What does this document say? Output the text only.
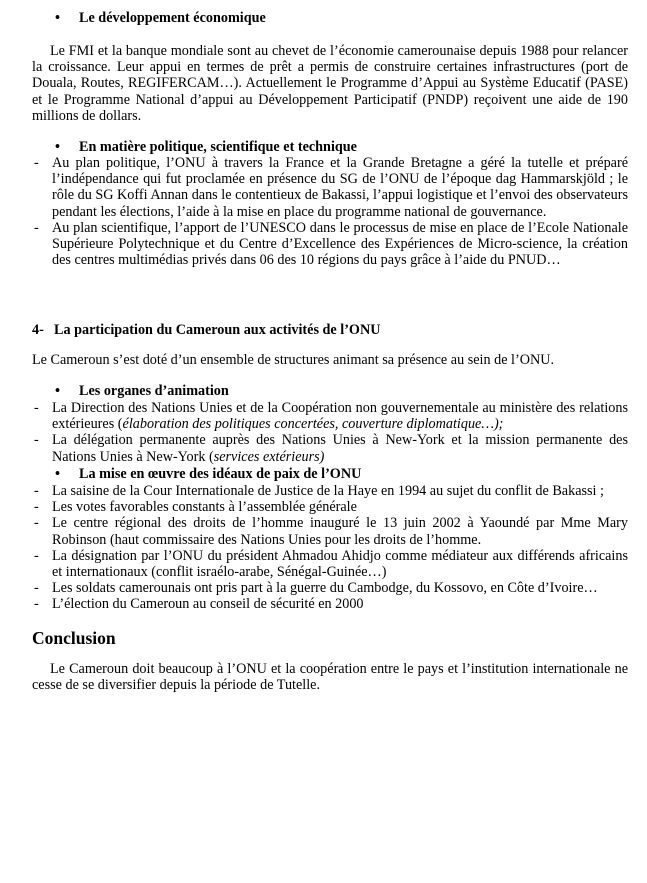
• Le développement économique

Le FMI et la banque mondiale sont au chevet de l’économie camerounaise depuis 1988 pour relancer la croissance. Leur appui en termes de prêt a permis de construire certaines infrastructures (port de Douala, Routes, REGIFERCAM…). Actuellement le Programme d’Appui au Système Educatif (PASE) et le Programme National d’appui au Développement Participatif (PNDP) reçoivent une aide de 190 millions de dollars.

• En matière politique, scientifique et technique
- Au plan politique, l’ONU à travers la France et la Grande Bretagne a géré la tutelle et préparé l’indépendance qui fut proclamée en présence du SG de l’ONU de l’époque dag Hammarskjöld ; le rôle du SG Koffi Annan dans le contentieux de Bakassi, l’appui logistique et l’envoi des observateurs pendant les élections, l’aide à la mise en place du programme national de gouvernance.
- Au plan scientifique, l’apport de l’UNESCO dans le processus de mise en place de l’Ecole Nationale Supérieure Polytechnique et du Centre d’Excellence des Expériences de Micro-science, la création des centres multimédias privés dans 06 des 10 régions du pays grâce à l’aide du PNUD…
4- La participation du Cameroun aux activités de l’ONU

Le Cameroun s’est doté d’un ensemble de structures animant sa présence au sein de l’ONU.

• Les organes d’animation
- La Direction des Nations Unies et de la Coopération non gouvernementale au ministère des relations extérieures (élaboration des politiques concertées, couverture diplomatique…);
- La délégation permanente auprès des Nations Unies à New-York et la mission permanente des Nations Unies à New-York (services extérieurs)
• La mise en œuvre des idéaux de paix de l’ONU
- La saisine de la Cour Internationale de Justice de la Haye en 1994 au sujet du conflit de Bakassi ;
- Les votes favorables constants à l’assemblée générale
- Le centre régional des droits de l’homme inauguré le 13 juin 2002 à Yaoundé par Mme Mary Robinson (haut commissaire des Nations Unies pour les droits de l’homme.
- La désignation par l’ONU du président Ahmadou Ahidjo comme médiateur aux différends africains et internationaux (conflit israélo-arabe, Sénégal-Guinée…)
- Les soldats camerounais ont pris part à la guerre du Cambodge, du Kossovo, en Côte d’Ivoire…
- L’élection du Cameroun au conseil de sécurité en 2000
Conclusion

Le Cameroun doit beaucoup à l’ONU et la coopération entre le pays et l’institution internationale ne cesse de se diversifier depuis la période de Tutelle.
